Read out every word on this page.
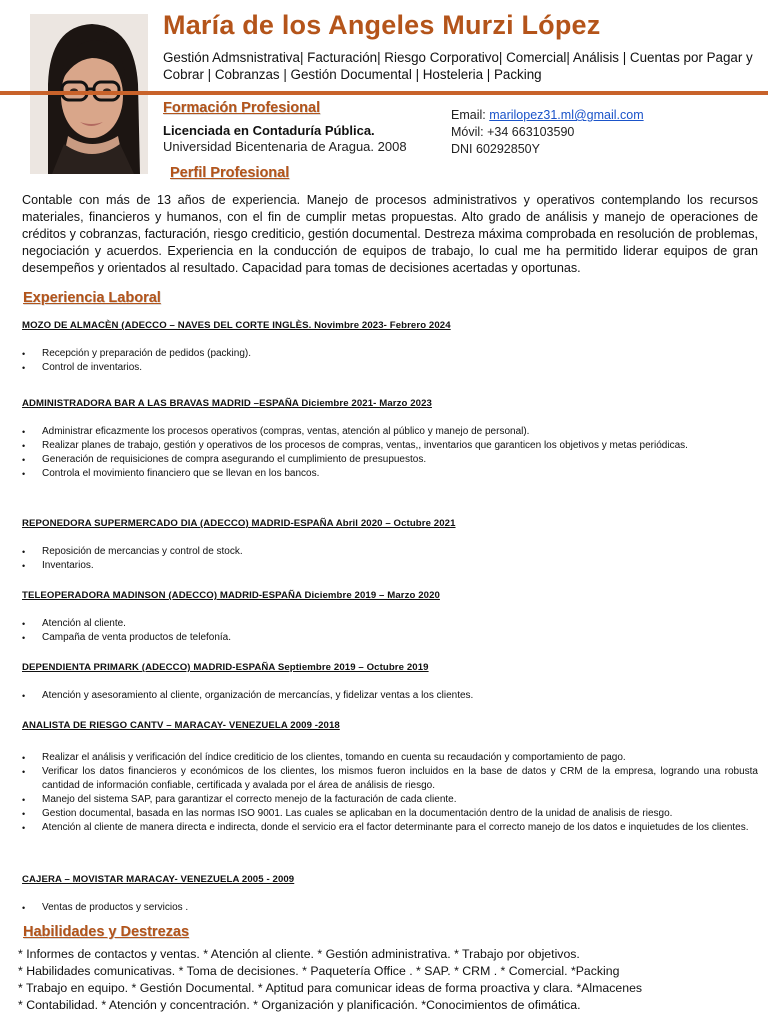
María de los Angeles Murzi López
Gestión Admsnistrativa| Facturación| Riesgo Corporativo| Comercial| Análisis | Cuentas por Pagar y Cobrar | Cobranzas | Gestión Documental | Hosteleria | Packing
Formación Profesional
Licenciada en Contaduría Pública.
Universidad Bicentenaria de Aragua. 2008
Email: marilopez31.ml@gmail.com
Móvil: +34 663103590
DNI 60292850Y
Perfil Profesional
Contable con más de 13 años de experiencia. Manejo de procesos administrativos y operativos contemplando los recursos materiales, financieros y humanos, con el fin de cumplir metas propuestas. Alto grado de análisis y manejo de operaciones de créditos y cobranzas, facturación, riesgo crediticio, gestión documental. Destreza máxima comprobada en resolución de problemas, negociación y acuerdos. Experiencia en la conducción de equipos de trabajo, lo cual me ha permitido liderar equipos de gran desempeños y orientados al resultado. Capacidad para tomas de decisiones acertadas y oportunas.
Experiencia Laboral
MOZO DE ALMACÈN (ADECCO – NAVES DEL CORTE INGLÈS. Novimbre 2023- Febrero 2024
• Recepción y preparación de pedidos (packing).
• Control de inventarios.
ADMINISTRADORA BAR A LAS BRAVAS MADRID –ESPAÑA Diciembre 2021- Marzo 2023
• Administrar eficazmente los procesos operativos (compras, ventas, atención al público y manejo de personal).
• Realizar planes de trabajo, gestión y operativos de los procesos de compras, ventas,, inventarios que garanticen los objetivos y metas periódicas.
• Generación de requisiciones de compra asegurando el cumplimiento de presupuestos.
• Controla el movimiento financiero que se llevan en los bancos.
REPONEDORA SUPERMERCADO DIA (ADECCO) MADRID-ESPAÑA Abril 2020 – Octubre 2021
• Reposición de mercancias y control de stock.
• Inventarios.
TELEOPERADORA MADINSON (ADECCO) MADRID-ESPAÑA Diciembre 2019 – Marzo 2020
• Atención al cliente.
• Campaña de venta productos de telefonía.
DEPENDIENTA PRIMARK (ADECCO) MADRID-ESPAÑA Septiembre 2019 – Octubre 2019
• Atención y asesoramiento al cliente, organización de mercancías, y fidelizar ventas a los clientes.
ANALISTA DE RIESGO CANTV – MARACAY- VENEZUELA 2009 -2018
• Realizar el análisis y verificación del índice crediticio de los clientes, tomando en cuenta su recaudación y comportamiento de pago.
• Verificar los datos financieros y económicos de los clientes, los mismos fueron incluidos en la base de datos y CRM de la empresa, logrando una robusta cantidad de información confiable, certificada y avalada por el área de análisis de riesgo.
• Manejo del sistema SAP, para garantizar el correcto menejo de la facturación de cada cliente.
• Gestion documental, basada en las normas ISO 9001. Las cuales se aplicaban en la documentación dentro de la unidad de analisis de riesgo.
• Atención al cliente de manera directa e indirecta, donde el servicio era el factor determinante para el correcto manejo de los datos e inquietudes de los clientes.
CAJERA – MOVISTAR MARACAY- VENEZUELA 2005 - 2009
• Ventas de productos y servicios .
Habilidades y Destrezas
* Informes de contactos y ventas. * Atención al cliente. * Gestión administrativa. * Trabajo por objetivos.
* Habilidades comunicativas. * Toma de decisiones. * Paquetería Office . * SAP. * CRM . * Comercial. *Packing
* Trabajo en equipo. * Gestión Documental. * Aptitud para comunicar ideas de forma proactiva y clara. *Almacenes
* Contabilidad. * Atención y concentración. * Organización y planificación. *Conocimientos de ofimática.
